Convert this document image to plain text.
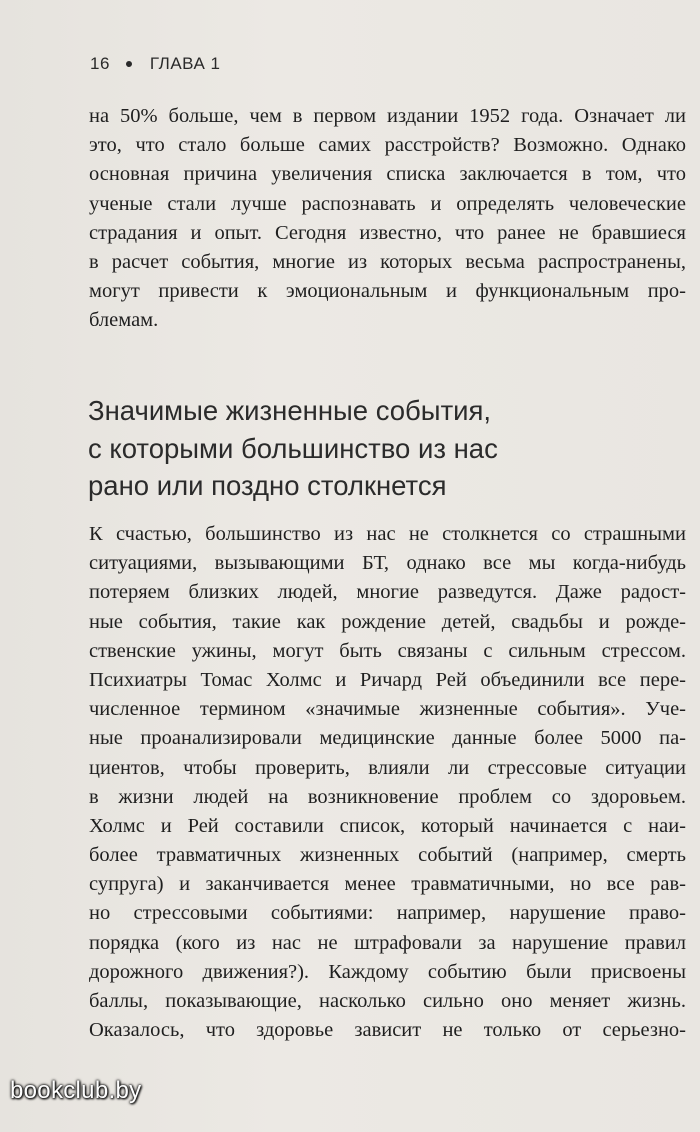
16 ГЛАВА 1
на 50% больше, чем в первом издании 1952 года. Означает ли
это, что стало больше самих расстройств? Возможно. Однако
основная причина увеличения списка заключается в том, что
ученые стали лучше распознавать и определять человеческие
страдания и опыт. Сегодня известно, что ранее не бравшиеся
в расчет события, многие из которых весьма распространены,
могут привести к эмоциональным и функциональным про-
блемам.
Значимые жизненные события,
с которыми большинство из нас
рано или поздно столкнется
К счастью, большинство из нас не столкнется со страшными
ситуациями, вызывающими БТ, однако все мы когда-нибудь
потеряем близких людей, многие разведутся. Даже радост-
ные события, такие как рождение детей, свадьбы и рожде-
ственские ужины, могут быть связаны с сильным стрессом.
Психиатры Томас Холмс и Ричард Рей объединили все пере-
численное термином «значимые жизненные события». Уче-
ные проанализировали медицинские данные более 5000 па-
циентов, чтобы проверить, влияли ли стрессовые ситуации
в жизни людей на возникновение проблем со здоровьем.
Холмс и Рей составили список, который начинается с наи-
более травматичных жизненных событий (например, смерть
супруга) и заканчивается менее травматичными, но все рав-
но стрессовыми событиями: например, нарушение право-
порядка (кого из нас не штрафовали за нарушение правил
дорожного движения?). Каждому событию были присвоены
баллы, показывающие, насколько сильно оно меняет жизнь.
Оказалось, что здоровье зависит не только от серьезно-
bookclub.by
